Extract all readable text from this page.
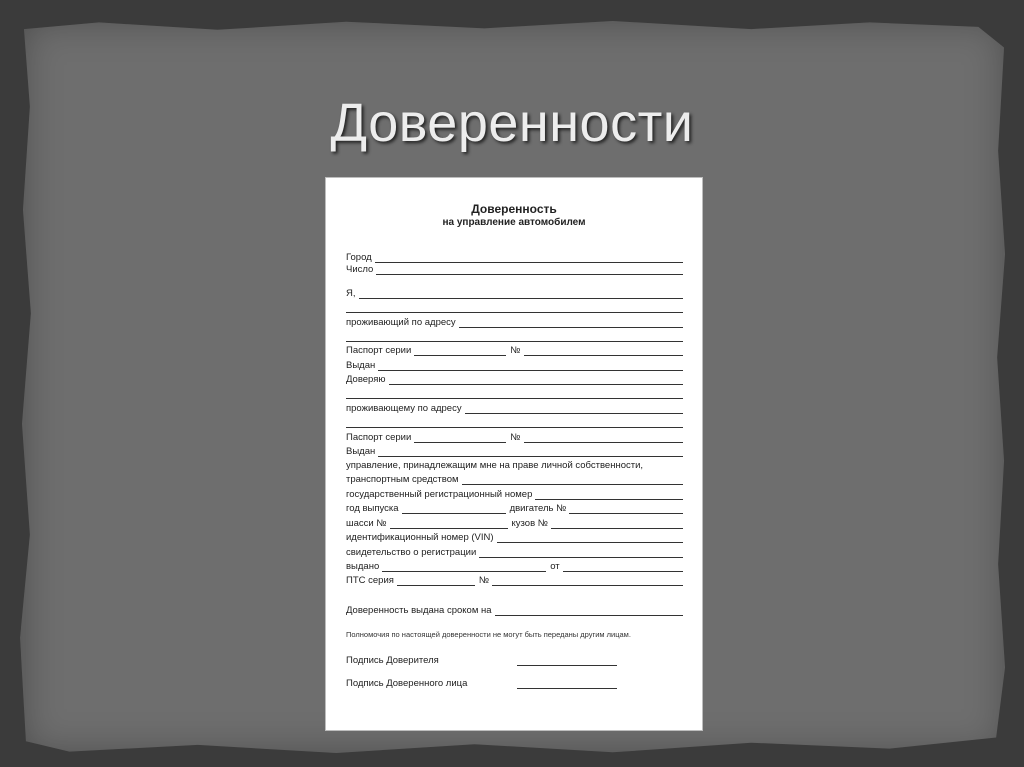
Доверенности
Доверенность
на управление автомобилем
Город
Число
Я,
проживающий по адресу
Паспорт серии	№
Выдан
Доверяю
проживающему по адресу
Паспорт серии	№
Выдан
управление, принадлежащим мне на праве личной собственности,
транспортным средством
государственный регистрационный номер
год выпуска	двигатель №
шасси №	кузов №
идентификационный номер (VIN)
свидетельство о регистрации
выдано	от
ПТС серия	№
Доверенность выдана сроком на
Полномочия по настоящей доверенности не могут быть переданы другим лицам.
Подпись Доверителя
Подпись Доверенного лица
